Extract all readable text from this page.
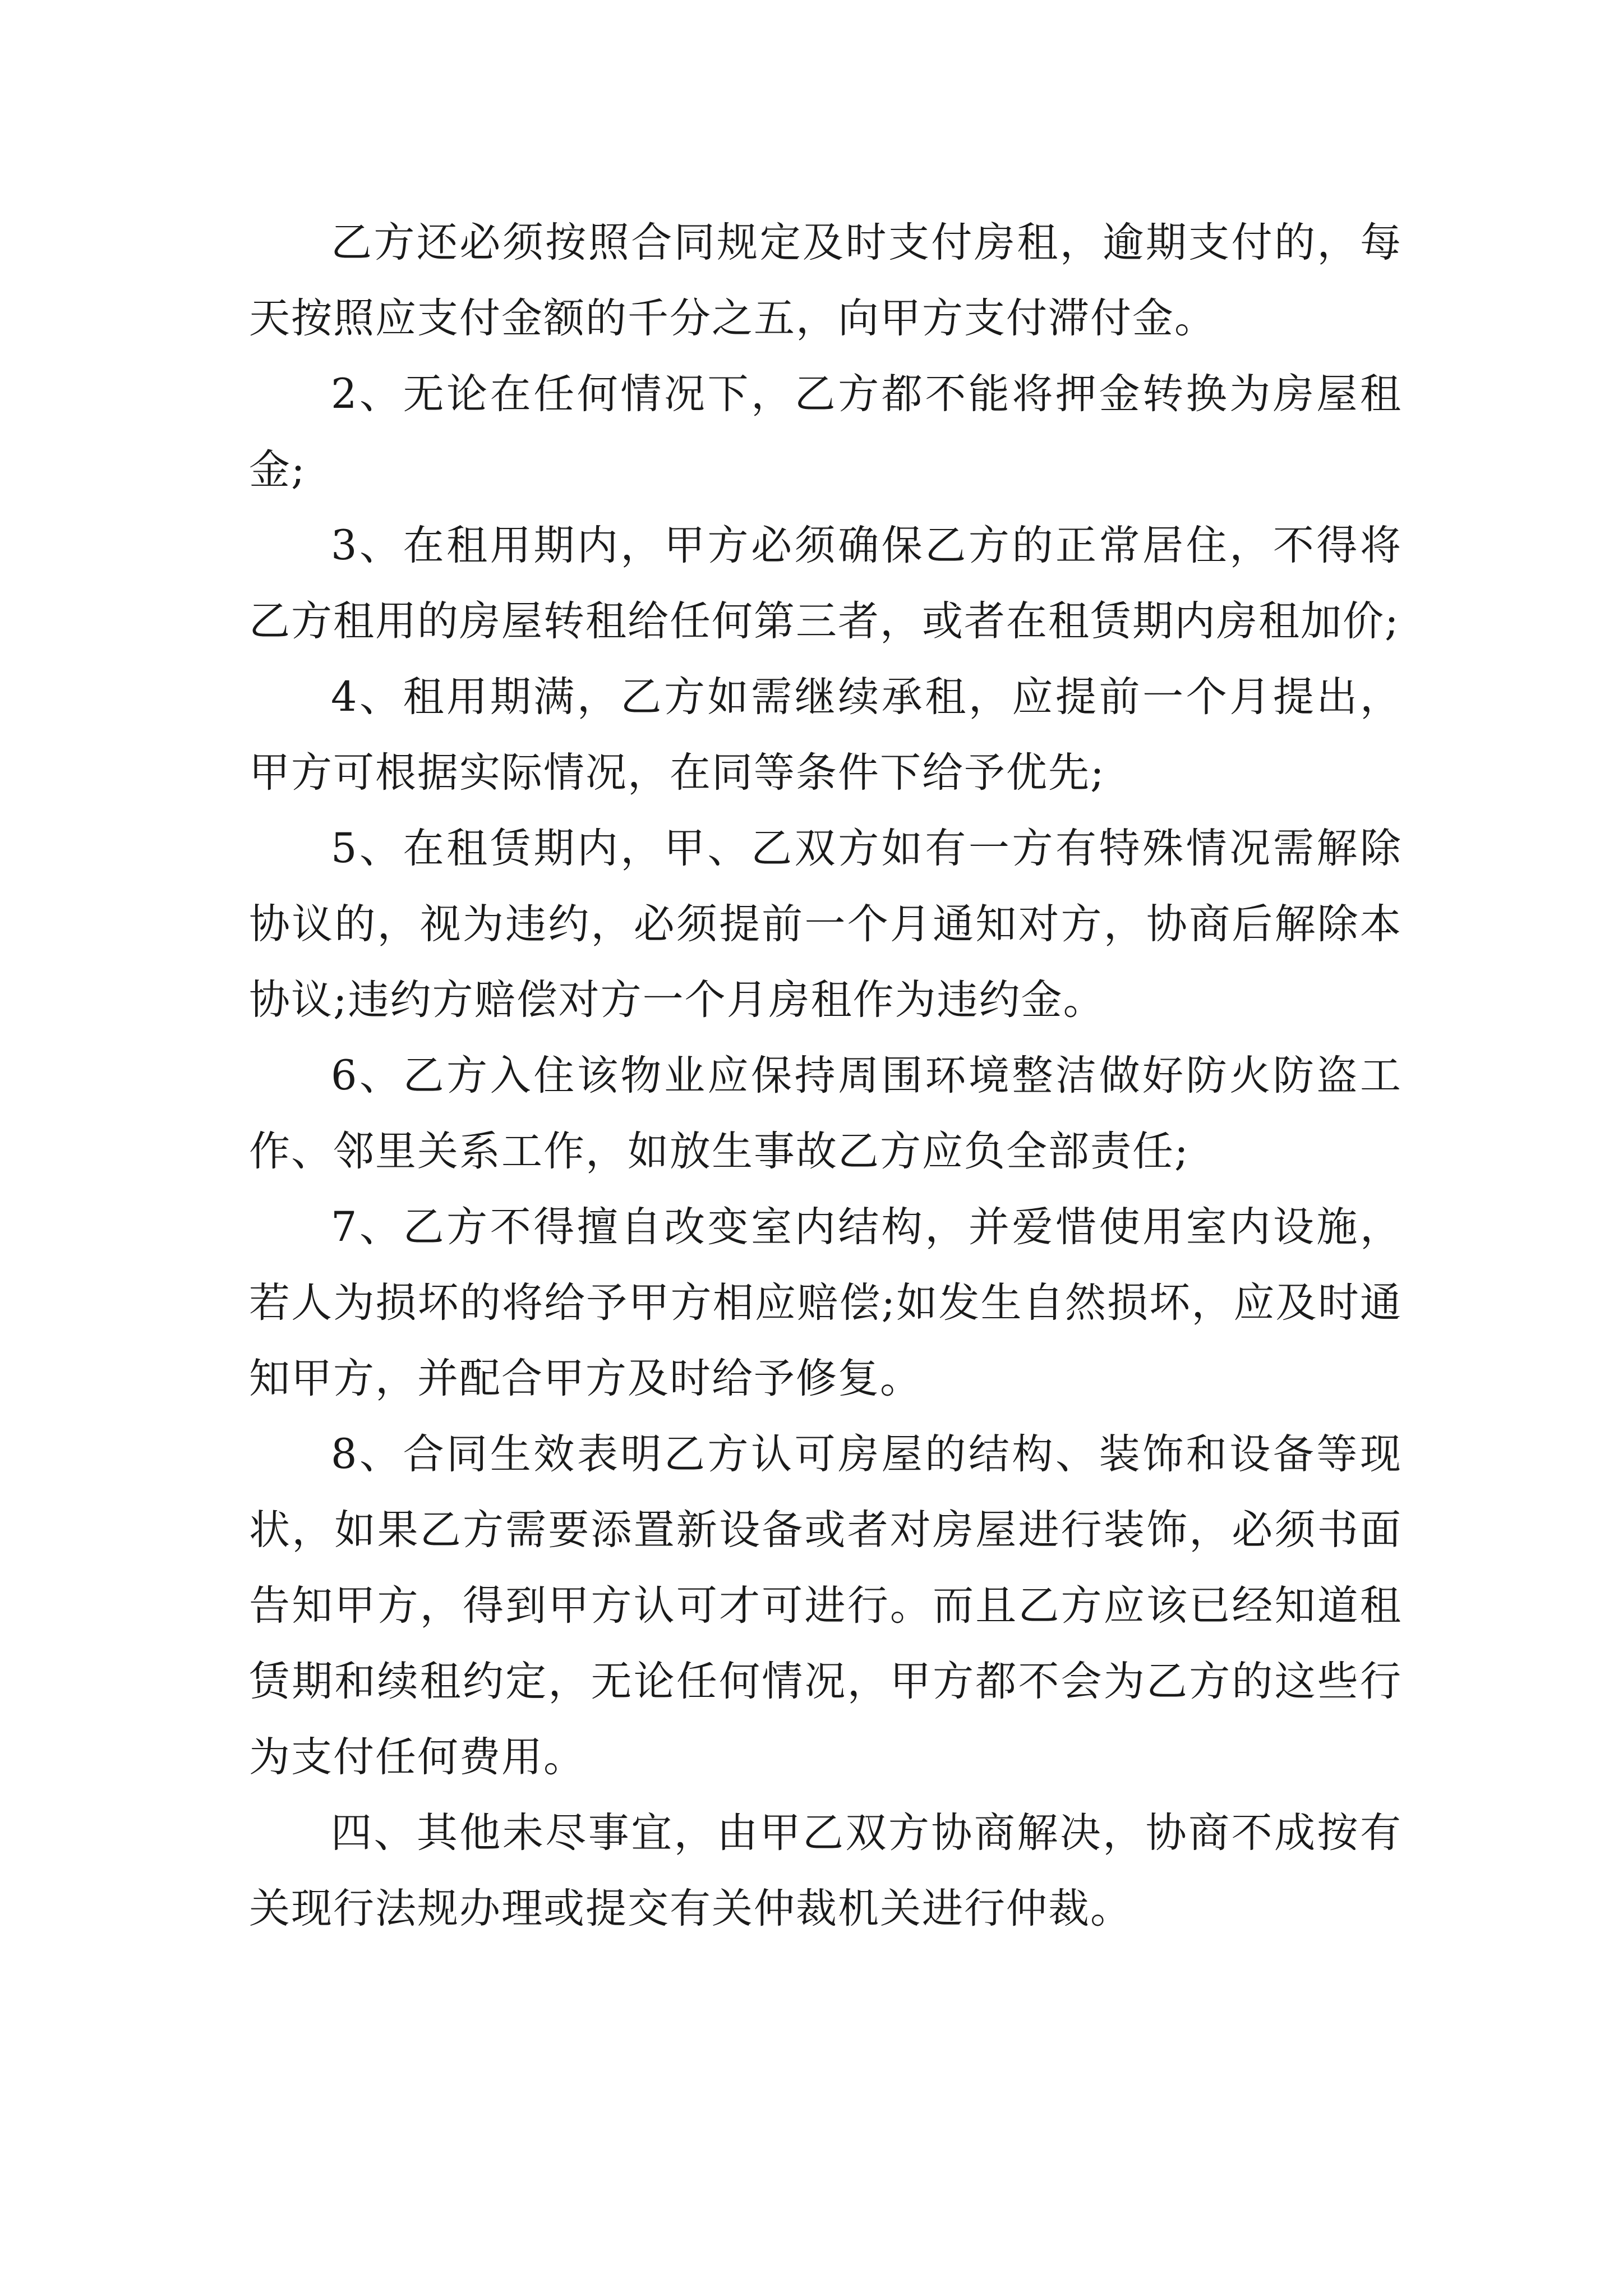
乙方还必须按照合同规定及时支付房租，逾期支付的，每天按照应支付金额的千分之五，向甲方支付滞付金。

2、无论在任何情况下，乙方都不能将押金转换为房屋租金;

3、在租用期内，甲方必须确保乙方的正常居住，不得将乙方租用的房屋转租给任何第三者，或者在租赁期内房租加价;

4、租用期满，乙方如需继续承租，应提前一个月提出，甲方可根据实际情况，在同等条件下给予优先;

5、在租赁期内，甲、乙双方如有一方有特殊情况需解除协议的，视为违约，必须提前一个月通知对方，协商后解除本协议;违约方赔偿对方一个月房租作为违约金。

6、乙方入住该物业应保持周围环境整洁做好防火防盗工作、邻里关系工作，如放生事故乙方应负全部责任;

7、乙方不得擅自改变室内结构，并爱惜使用室内设施，若人为损坏的将给予甲方相应赔偿;如发生自然损坏，应及时通知甲方，并配合甲方及时给予修复。

8、合同生效表明乙方认可房屋的结构、装饰和设备等现状，如果乙方需要添置新设备或者对房屋进行装饰，必须书面告知甲方，得到甲方认可才可进行。而且乙方应该已经知道租赁期和续租约定，无论任何情况，甲方都不会为乙方的这些行为支付任何费用。

四、其他未尽事宜，由甲乙双方协商解决，协商不成按有关现行法规办理或提交有关仲裁机关进行仲裁。
